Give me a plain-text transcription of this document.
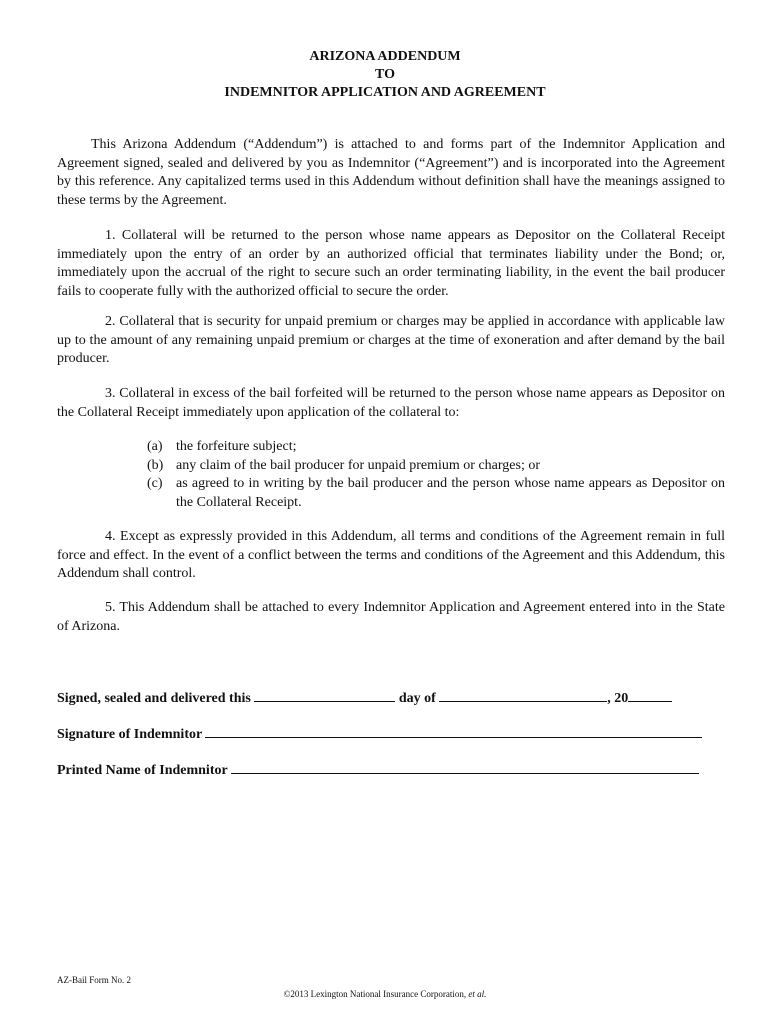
ARIZONA ADDENDUM
TO
INDEMNITOR APPLICATION AND AGREEMENT

This Arizona Addendum (“Addendum”) is attached to and forms part of the Indemnitor Application and Agreement signed, sealed and delivered by you as Indemnitor (“Agreement”) and is incorporated into the Agreement by this reference. Any capitalized terms used in this Addendum without definition shall have the meanings assigned to these terms by the Agreement.

1. Collateral will be returned to the person whose name appears as Depositor on the Collateral Receipt immediately upon the entry of an order by an authorized official that terminates liability under the Bond; or, immediately upon the accrual of the right to secure such an order terminating liability, in the event the bail producer fails to cooperate fully with the authorized official to secure the order.

2. Collateral that is security for unpaid premium or charges may be applied in accordance with applicable law up to the amount of any remaining unpaid premium or charges at the time of exoneration and after demand by the bail producer.

3. Collateral in excess of the bail forfeited will be returned to the person whose name appears as Depositor on the Collateral Receipt immediately upon application of the collateral to:

(a) the forfeiture subject;
(b) any claim of the bail producer for unpaid premium or charges; or
(c) as agreed to in writing by the bail producer and the person whose name appears as Depositor on the Collateral Receipt.

4. Except as expressly provided in this Addendum, all terms and conditions of the Agreement remain in full force and effect. In the event of a conflict between the terms and conditions of the Agreement and this Addendum, this Addendum shall control.

5. This Addendum shall be attached to every Indemnitor Application and Agreement entered into in the State of Arizona.

Signed, sealed and delivered this	day of	, 20
Signature of Indemnitor
Printed Name of Indemnitor
AZ-Bail Form No. 2
©2013 Lexington National Insurance Corporation, et al.
